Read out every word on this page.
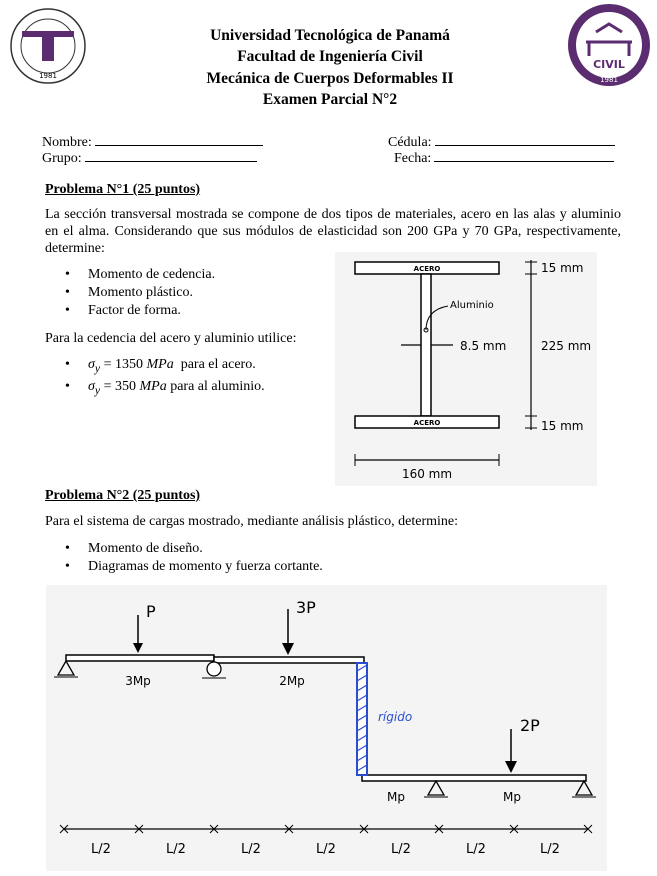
1981
CIVIL
1981
Universidad Tecnológica de Panamá
Facultad de Ingeniería Civil
Mecánica de Cuerpos Deformables II
Examen Parcial N°2
Nombre:	Cédula:
Grupo:	Fecha:
Problema N°1 (25 puntos)
La sección transversal mostrada se compone de dos tipos de materiales, acero en las alas y aluminio en el alma. Considerando que sus módulos de elasticidad son 200 GPa y 70 GPa, respectivamente, determine:
• Momento de cedencia.
• Momento plástico.
• Factor de forma.
Para la cedencia del acero y aluminio utilice:
• $\sigma_y = 1350$ MPa para el acero.
• $\sigma_y = 350$ MPa para al aluminio.
ACERO
ACERO
Aluminio
8.5 mm
15 mm
225 mm
15 mm
160 mm
Problema N°2 (25 puntos)
Para el sistema de cargas mostrado, mediante análisis plástico, determine:
• Momento de diseño.
• Diagramas de momento y fuerza cortante.
rígido
P	3P
2P
3Mp	2Mp
Mp	Mp
L/2	L/2	L/2	L/2	L/2	L/2	L/2
